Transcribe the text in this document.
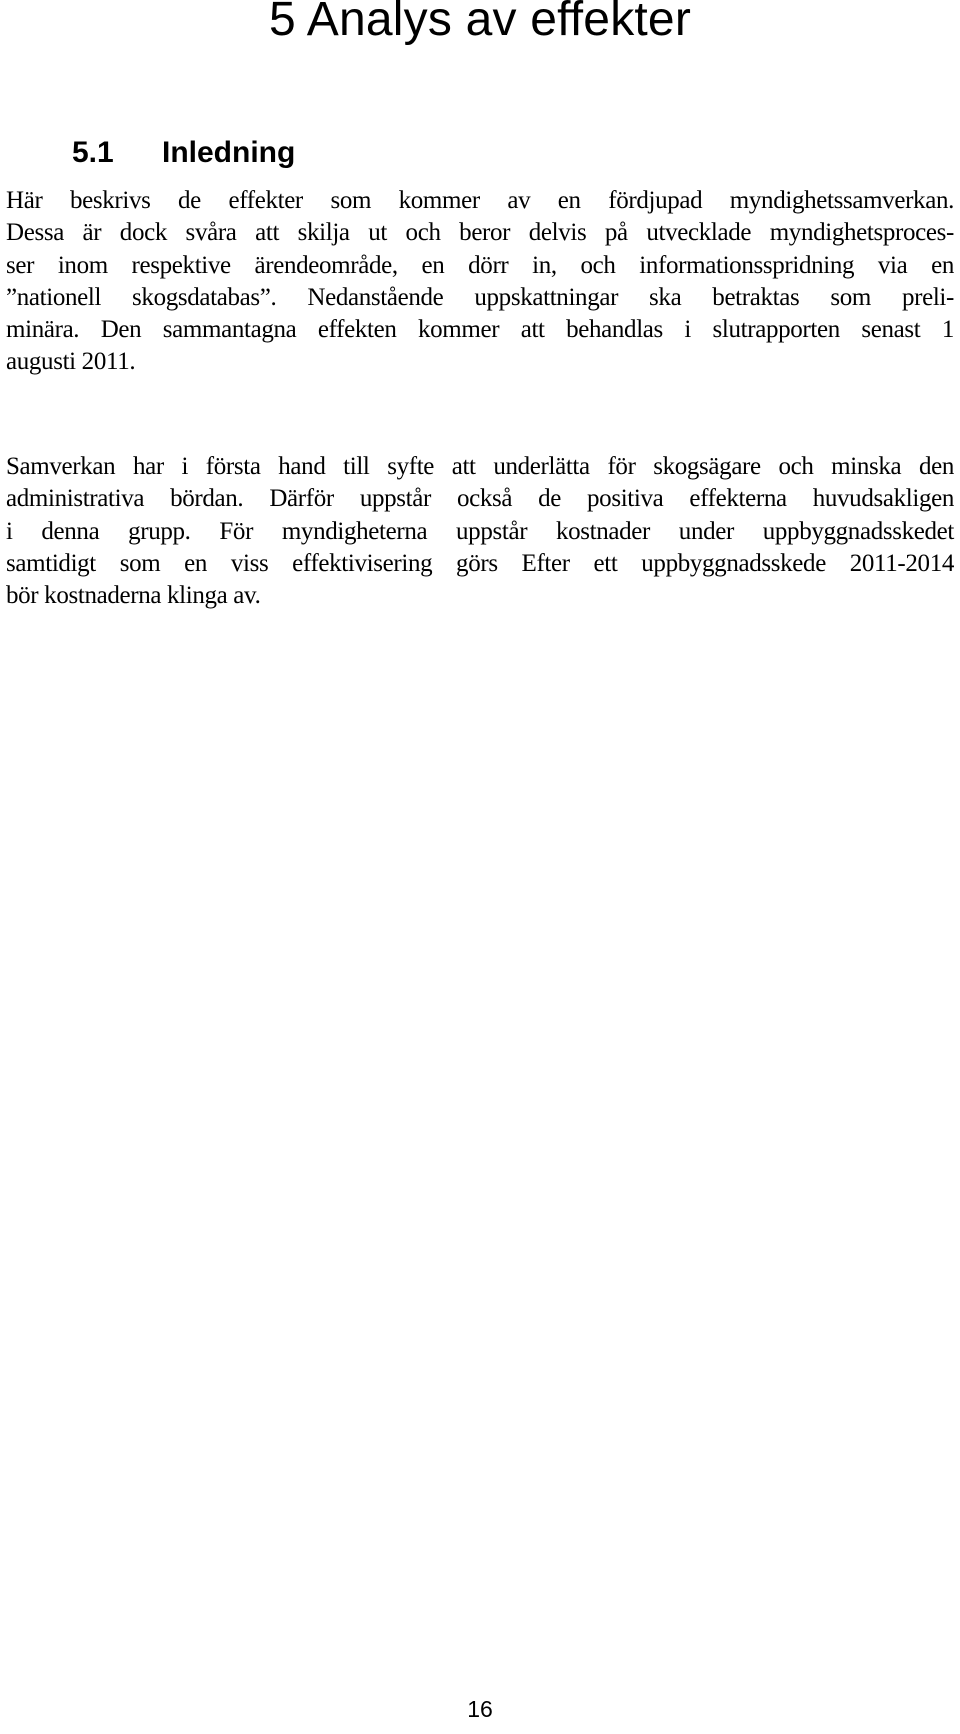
5 Analys av effekter
5.1 Inledning
Här beskrivs de effekter som kommer av en fördjupad myndighetssamverkan.
Dessa är dock svåra att skilja ut och beror delvis på utvecklade myndighetsproces-
ser inom respektive ärendeområde, en dörr in, och informationsspridning via en
”nationell skogsdatabas”. Nedanstående uppskattningar ska betraktas som preli-
minära. Den sammantagna effekten kommer att behandlas i slutrapporten senast 1
augusti 2011.
Samverkan har i första hand till syfte att underlätta för skogsägare och minska den
administrativa bördan. Därför uppstår också de positiva effekterna huvudsakligen
i denna grupp. För myndigheterna uppstår kostnader under uppbyggnadsskedet
samtidigt som en viss effektivisering görs Efter ett uppbyggnadsskede 2011-2014
bör kostnaderna klinga av.

16
